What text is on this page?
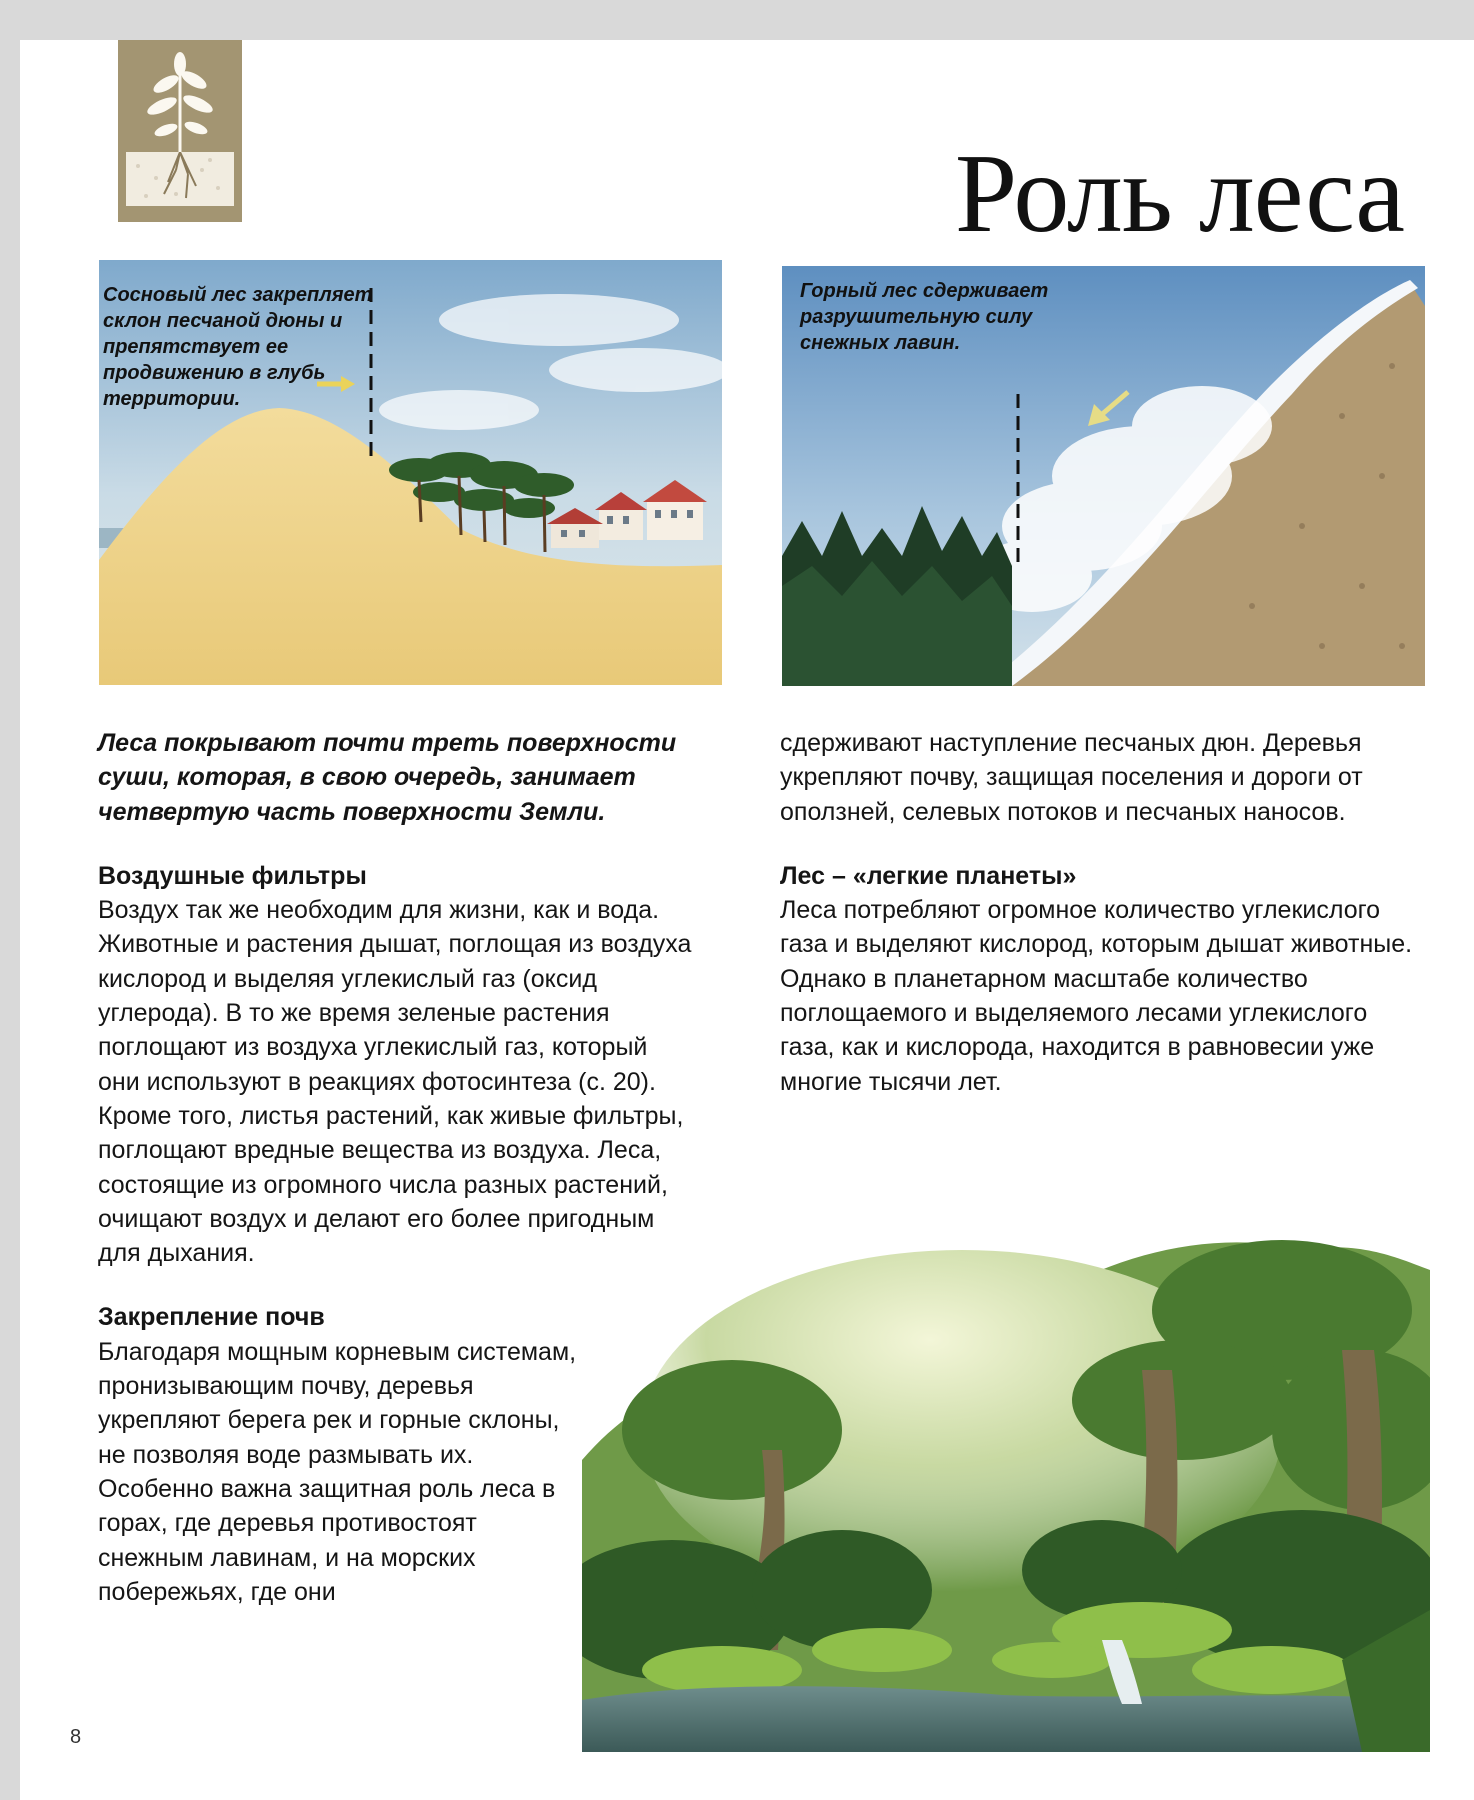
Роль леса

Сосновый лес закрепляет склон песчаной дюны и препятствует ее продвижению в глубь территории.

Горный лес сдерживает разрушительную силу снежных лавин.

Леса покрывают почти треть поверхности суши, которая, в свою очередь, занимает четвертую часть поверхности Земли.

Воздушные фильтры

Воздух так же необходим для жизни, как и вода. Животные и растения дышат, поглощая из воздуха кислород и выделяя углекислый газ (оксид углерода). В то же время зеленые растения поглощают из воздуха углекислый газ, который они используют в реакциях фотосинтеза (с. 20). Кроме того, листья растений, как живые фильтры, поглощают вредные вещества из воздуха. Леса, состоящие из огромного числа разных растений, очищают воздух и делают его более пригодным для дыхания.

Закрепление почв

Благодаря мощным корневым системам, пронизывающим почву, деревья укрепляют берега рек и горные склоны, не позволяя воде размывать их. Особенно важна защитная роль леса в горах, где деревья противостоят снежным лавинам, и на морских побережьях, где они

сдерживают наступление песчаных дюн. Деревья укрепляют почву, защищая поселения и дороги от оползней, селевых потоков и песчаных наносов.

Лес – «легкие планеты»

Леса потребляют огромное количество углекислого газа и выделяют кислород, которым дышат животные. Однако в планетарном масштабе количество поглощаемого и выделяемого лесами углекислого газа, как и кислорода, находится в равновесии уже многие тысячи лет.

8
